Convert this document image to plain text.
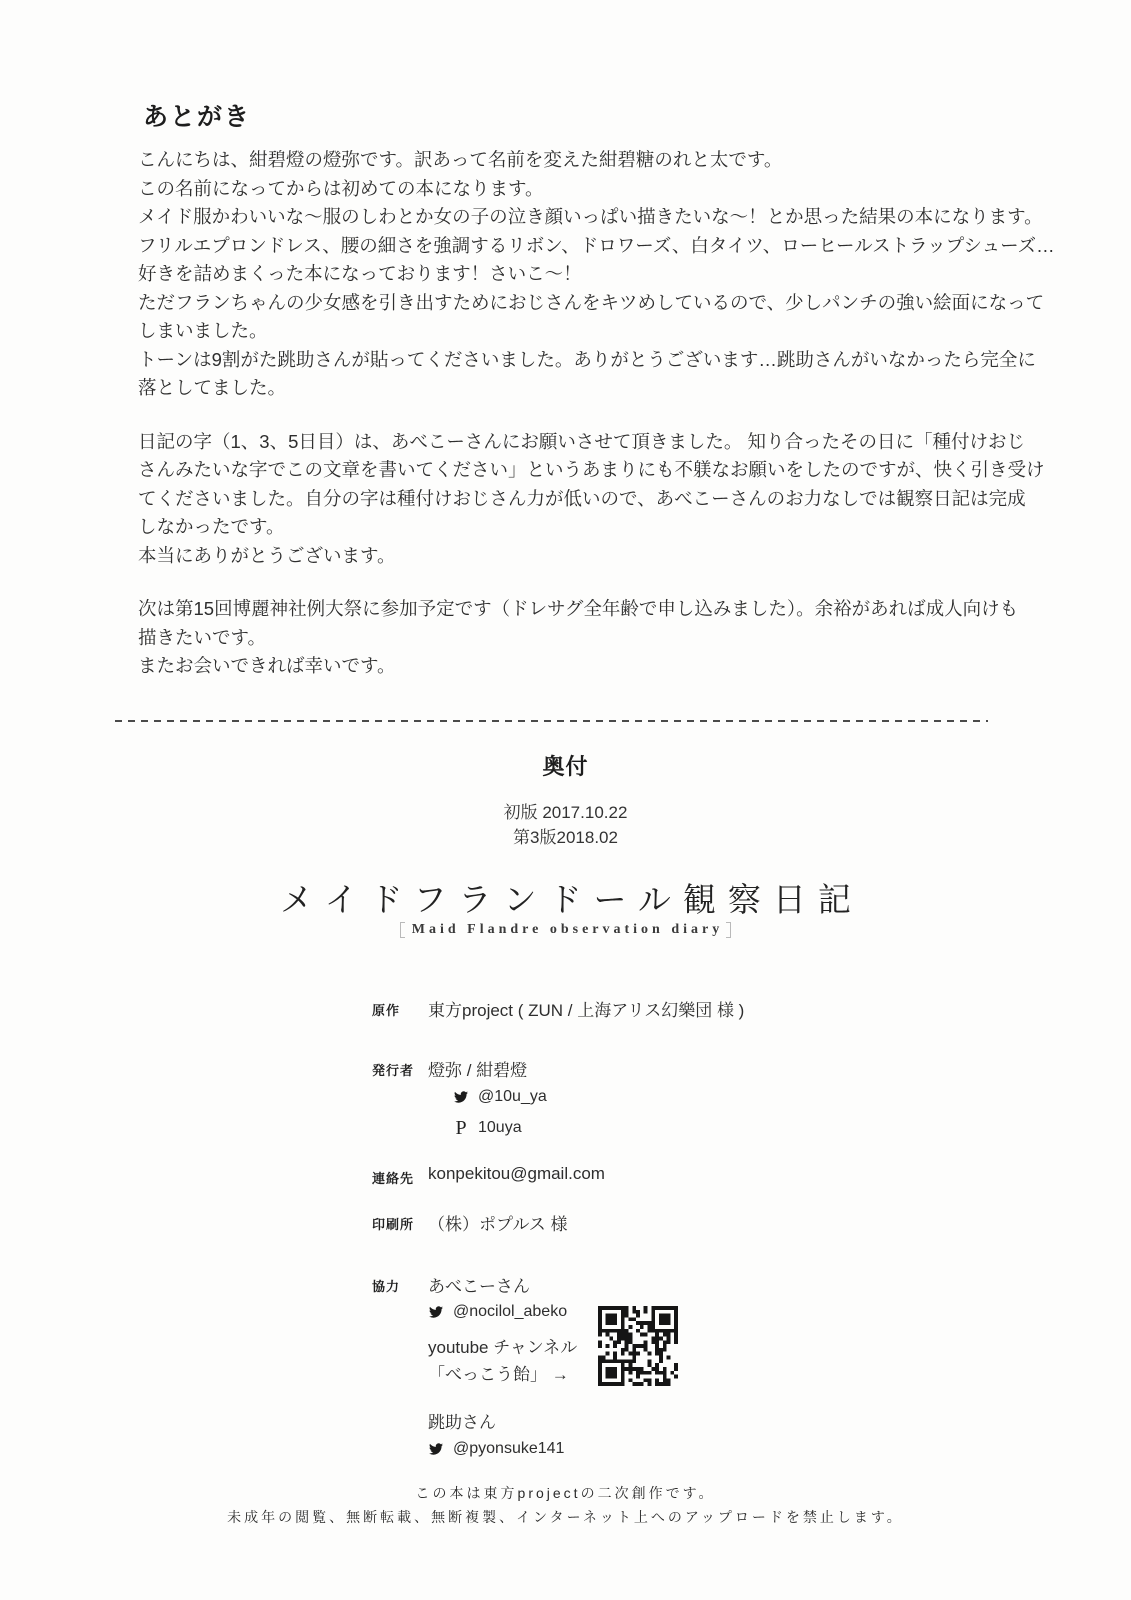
あとがき
こんにちは、紺碧燈の燈弥です。訳あって名前を変えた紺碧糖のれと太です。
この名前になってからは初めての本になります。
メイド服かわいいな〜服のしわとか女の子の泣き顔いっぱい描きたいな〜！とか思った結果の本になります。
フリルエプロンドレス、腰の細さを強調するリボン、ドロワーズ、白タイツ、ローヒールストラップシューズ…
好きを詰めまくった本になっております！さいこ〜！
ただフランちゃんの少女感を引き出すためにおじさんをキツめしているので、少しパンチの強い絵面になって
しまいました。
トーンは9割がた跳助さんが貼ってくださいました。ありがとうございます…跳助さんがいなかったら完全に
落としてました。
日記の字（1、3、5日目）は、あべこーさんにお願いさせて頂きました。 知り合ったその日に「種付けおじ
さんみたいな字でこの文章を書いてください」というあまりにも不躾なお願いをしたのですが、快く引き受け
てくださいました。自分の字は種付けおじさん力が低いので、あべこーさんのお力なしでは観察日記は完成
しなかったです。
本当にありがとうございます。
次は第15回博麗神社例大祭に参加予定です（ドレサグ全年齢で申し込みました）。余裕があれば成人向けも
描きたいです。
またお会いできれば幸いです。
奥付
初版 2017.10.22
第3版2018.02
メイドフランドール観察日記
Maid Flandre observation diary
原作	東方project ( ZUN / 上海アリス幻樂団 様 )
発行者 燈弥 / 紺碧燈
@10u_ya
P 10uya
連絡先 konpekitou@gmail.com
印刷所 （株）ポプルス 様
協力	あべこーさん
@nocilol_abeko
youtube チャンネル
「べっこう飴」 →
跳助さん
@pyonsuke141
この本は東方projectの二次創作です。
未成年の閲覧、無断転載、無断複製、インターネット上へのアップロードを禁止します。
